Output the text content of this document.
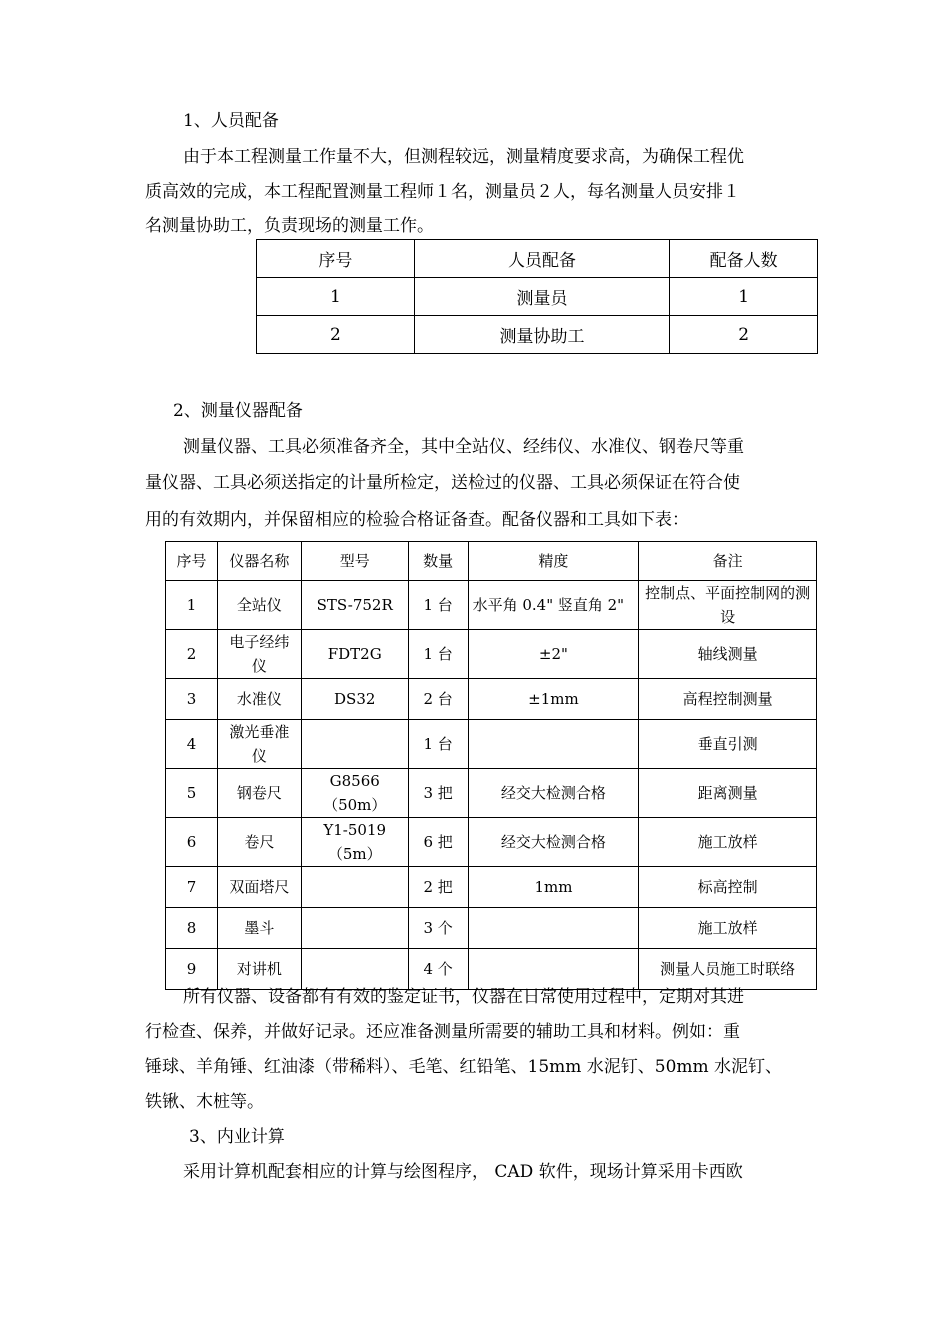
1、人员配备
由于本工程测量工作量不大，但测程较远，测量精度要求高，为确保工程优
质高效的完成，本工程配置测量工程师１名，测量员２人，每名测量人员安排１
名测量协助工，负责现场的测量工作。
序号	人员配备	配备人数
1	测量员	1
2	测量协助工	2
2、测量仪器配备
测量仪器、工具必须准备齐全，其中全站仪、经纬仪、水准仪、钢卷尺等重
量仪器、工具必须送指定的计量所检定，送检过的仪器、工具必须保证在符合使
用的有效期内，并保留相应的检验合格证备查。配备仪器和工具如下表：
序号	仪器名称	型号	数量	精度	备注
1	全站仪	STS-752R	1 台	水平角 0.4" 竖直角 2"	控制点、平面控制网的测设
2	电子经纬仪	FDT2G	1 台	±2"	轴线测量
3	水准仪	DS32	2 台	±1mm	高程控制测量
4	激光垂准仪		1 台		垂直引测
5	钢卷尺	G8566（50m）	3 把	经交大检测合格	距离测量
6	卷尺	Y1-5019（5m）	6 把	经交大检测合格	施工放样
7	双面塔尺		2 把	1mm	标高控制
8	墨斗		3 个		施工放样
9	对讲机		4 个		测量人员施工时联络
所有仪器、设备都有有效的鉴定证书，仪器在日常使用过程中，定期对其进
行检查、保养，并做好记录。还应准备测量所需要的辅助工具和材料。例如：重
锤球、羊角锤、红油漆（带稀料）、毛笔、红铅笔、15mm 水泥钉、50mm 水泥钉、
铁锹、木桩等。
3、内业计算
采用计算机配套相应的计算与绘图程序， CAD 软件，现场计算采用卡西欧
